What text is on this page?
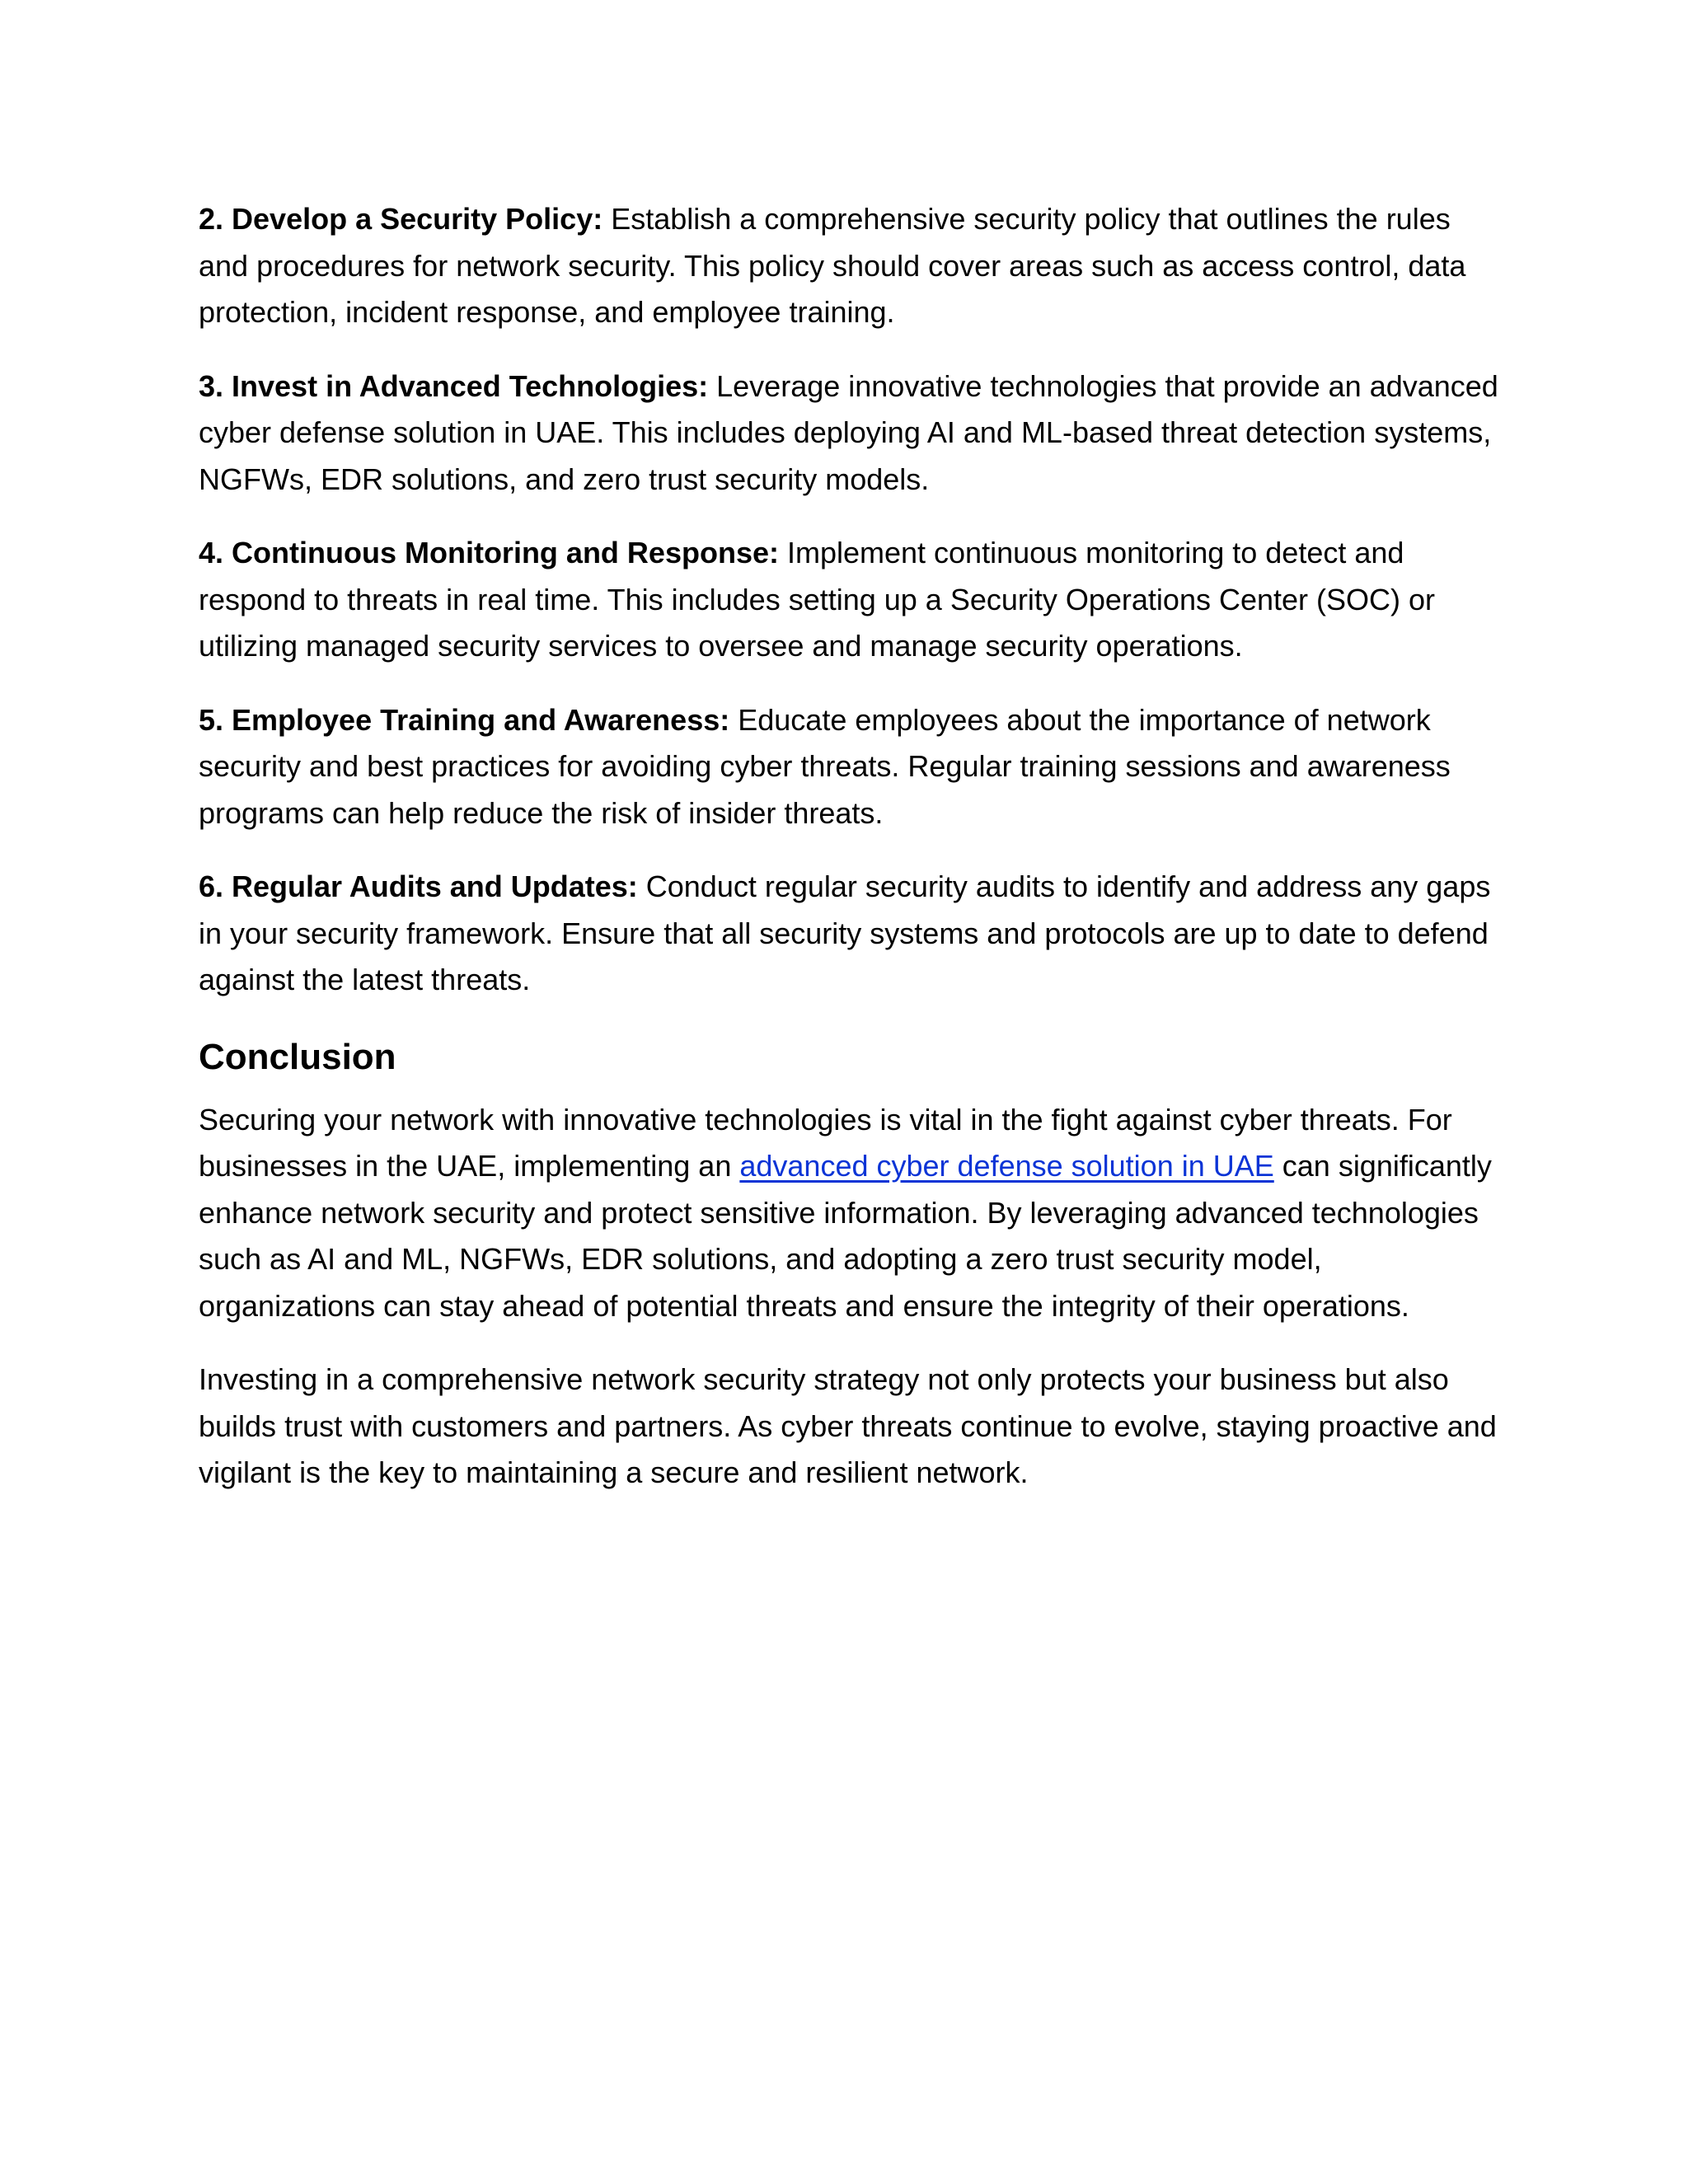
2. Develop a Security Policy: Establish a comprehensive security policy that outlines the rules and procedures for network security. This policy should cover areas such as access control, data protection, incident response, and employee training.

3. Invest in Advanced Technologies: Leverage innovative technologies that provide an advanced cyber defense solution in UAE. This includes deploying AI and ML-based threat detection systems, NGFWs, EDR solutions, and zero trust security models.

4. Continuous Monitoring and Response: Implement continuous monitoring to detect and respond to threats in real time. This includes setting up a Security Operations Center (SOC) or utilizing managed security services to oversee and manage security operations.

5. Employee Training and Awareness: Educate employees about the importance of network security and best practices for avoiding cyber threats. Regular training sessions and awareness programs can help reduce the risk of insider threats.

6. Regular Audits and Updates: Conduct regular security audits to identify and address any gaps in your security framework. Ensure that all security systems and protocols are up to date to defend against the latest threats.

Conclusion

Securing your network with innovative technologies is vital in the fight against cyber threats. For businesses in the UAE, implementing an advanced cyber defense solution in UAE can significantly enhance network security and protect sensitive information. By leveraging advanced technologies such as AI and ML, NGFWs, EDR solutions, and adopting a zero trust security model, organizations can stay ahead of potential threats and ensure the integrity of their operations.

Investing in a comprehensive network security strategy not only protects your business but also builds trust with customers and partners. As cyber threats continue to evolve, staying proactive and vigilant is the key to maintaining a secure and resilient network.
